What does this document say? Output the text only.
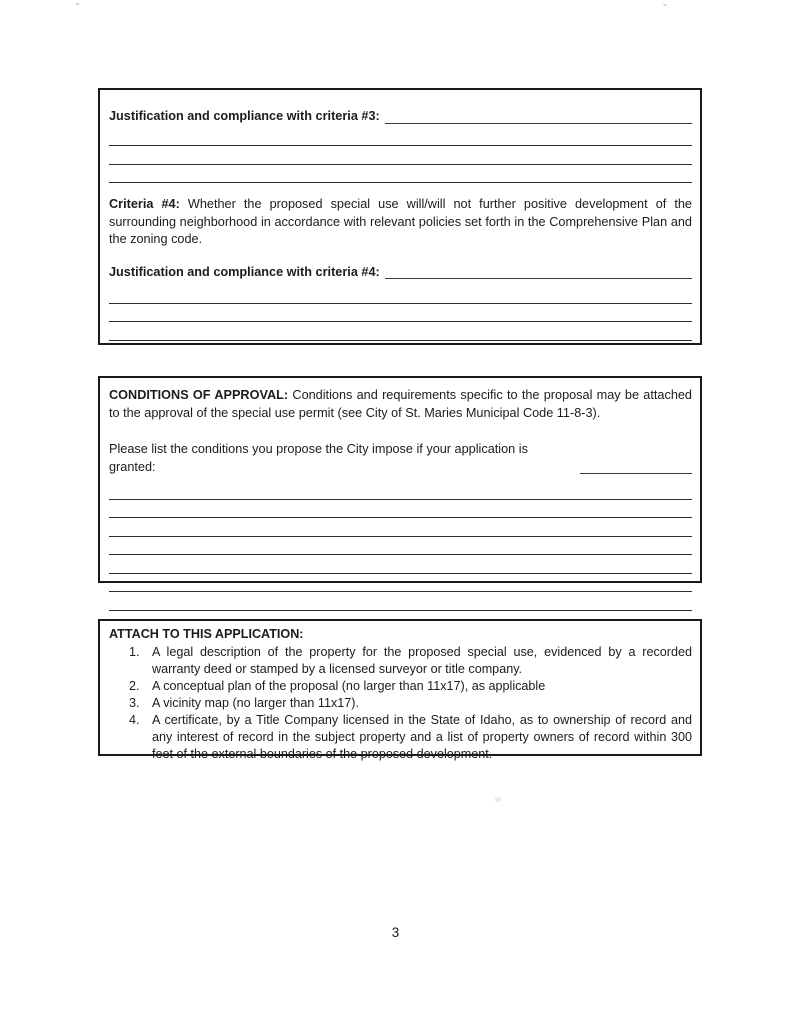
Justification and compliance with criteria #3:
Criteria #4: Whether the proposed special use will/will not further positive development of the surrounding neighborhood in accordance with relevant policies set forth in the Comprehensive Plan and the zoning code.
Justification and compliance with criteria #4:
CONDITIONS OF APPROVAL: Conditions and requirements specific to the proposal may be attached to the approval of the special use permit (see City of St. Maries Municipal Code 11-8-3).
Please list the conditions you propose the City impose if your application is granted:
ATTACH TO THIS APPLICATION:
1. A legal description of the property for the proposed special use, evidenced by a recorded warranty deed or stamped by a licensed surveyor or title company.
2. A conceptual plan of the proposal (no larger than 11x17), as applicable
3. A vicinity map (no larger than 11x17).
4. A certificate, by a Title Company licensed in the State of Idaho, as to ownership of record and any interest of record in the subject property and a list of property owners of record within 300 feet of the external boundaries of the proposed development.
3
